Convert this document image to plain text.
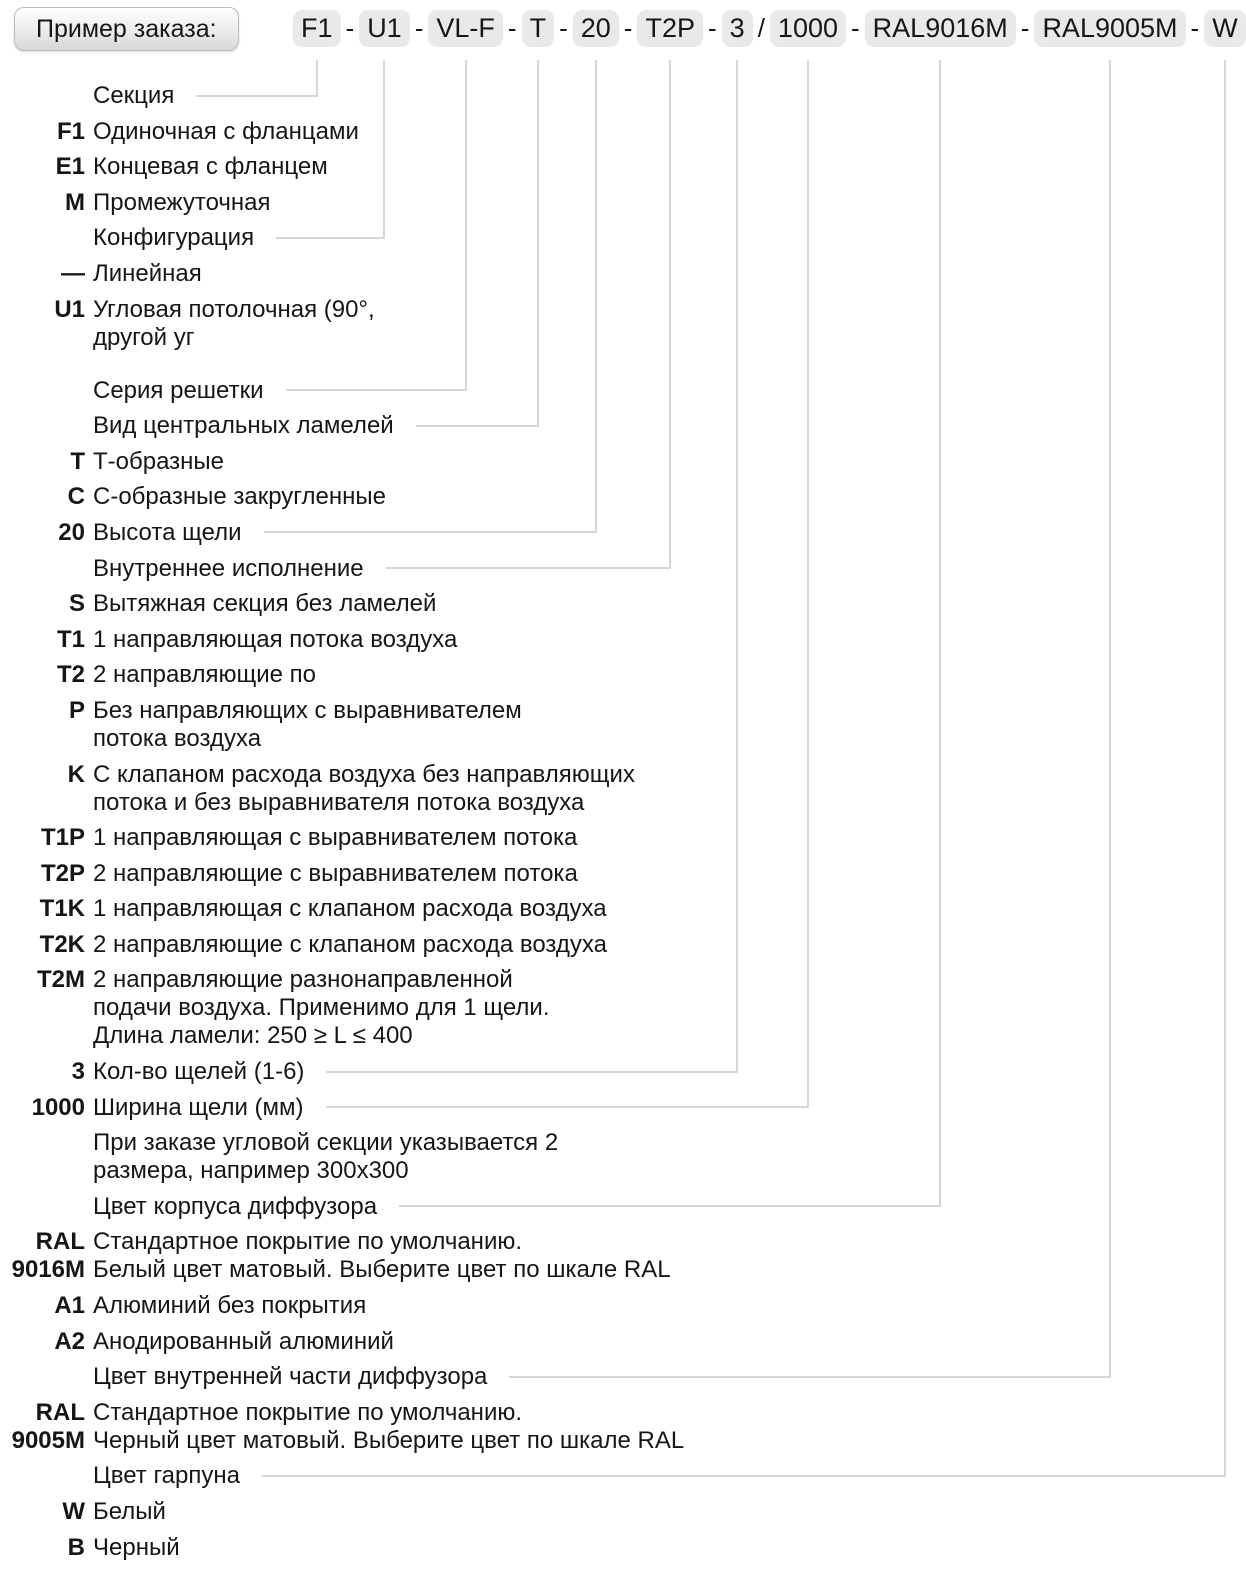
Пример заказа:	F1 - U1 - VL-F - T - 20 - T2P - 3 / 1000 - RAL9016M - RAL9005M - W
Секция
F1 Одиночная с фланцами
E1 Концевая с фланцем
M Промежуточная
Конфигурация
— Линейная
U1 Угловая потолочная (90°,
другой уг
Серия решетки
Вид центральных ламелей
T Т-образные
C С-образные закругленные
20 Высота щели
Внутреннее исполнение
S Вытяжная секция без ламелей
T1 1 направляющая потока воздуха
T2 2 направляющие по
P Без направляющих с выравнивателем
потока воздуха
K С клапаном расхода воздуха без направляющих
потока и без выравнивателя потока воздуха
T1P 1 направляющая с выравнивателем потока
T2P 2 направляющие с выравнивателем потока
T1K 1 направляющая с клапаном расхода воздуха
T2K 2 направляющие с клапаном расхода воздуха
T2M 2 направляющие разнонаправленной
подачи воздуха. Применимо для 1 щели.
Длина ламели: 250 ≥ L ≤ 400
3 Кол-во щелей (1-6)
1000 Ширина щели (мм)
При заказе угловой секции указывается 2
размера, например 300x300
Цвет корпуса диффузора
RAL
9016M
Стандартное покрытие по умолчанию.
Белый цвет матовый. Выберите цвет по шкале RAL
A1 Алюминий без покрытия
A2 Анодированный алюминий
Цвет внутренней части диффузора
RAL
9005M
Стандартное покрытие по умолчанию.
Черный цвет матовый. Выберите цвет по шкале RAL
Цвет гарпуна
W Белый
B Черный
